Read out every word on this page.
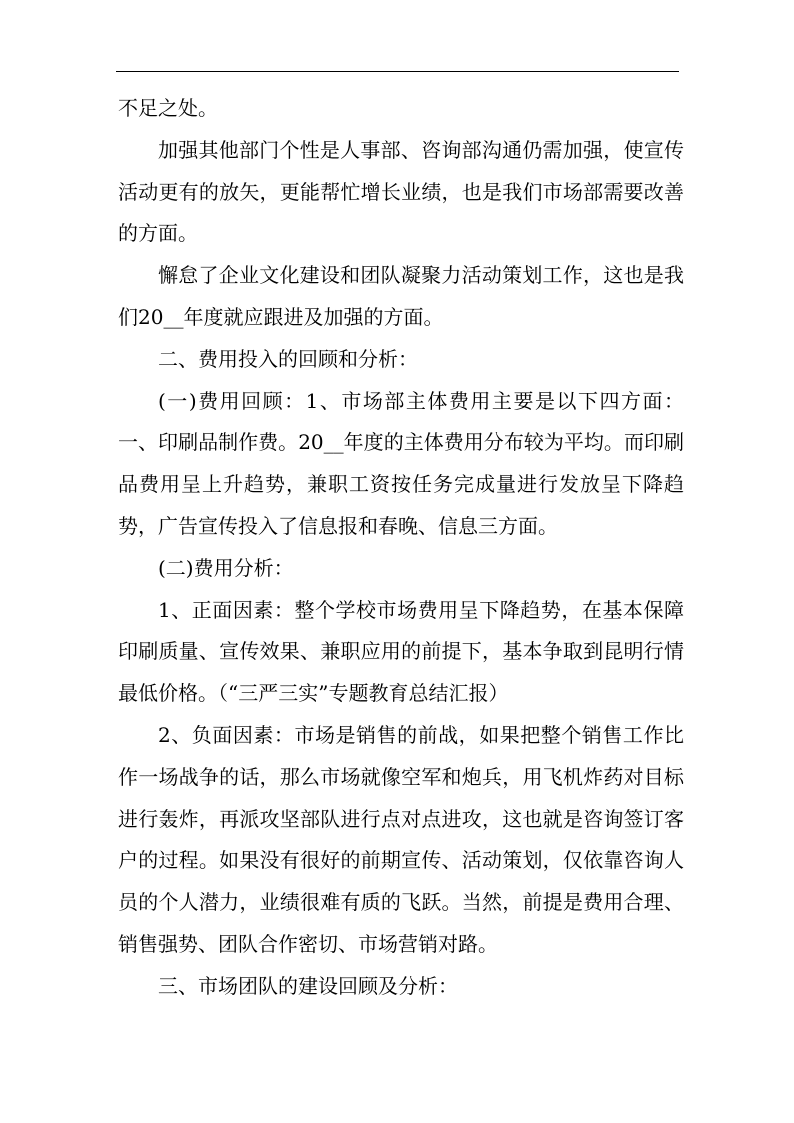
不足之处。

加强其他部门个性是人事部、咨询部沟通仍需加强，使宣传活动更有的放矢，更能帮忙增长业绩，也是我们市场部需要改善的方面。

懈怠了企业文化建设和团队凝聚力活动策划工作，这也是我们20__年度就应跟进及加强的方面。

二、费用投入的回顾和分析：

(一)费用回顾：1、市场部主体费用主要是以下四方面：一、印刷品制作费。20__年度的主体费用分布较为平均。而印刷品费用呈上升趋势，兼职工资按任务完成量进行发放呈下降趋势，广告宣传投入了信息报和春晚、信息三方面。

(二)费用分析：

1、正面因素：整个学校市场费用呈下降趋势，在基本保障印刷质量、宣传效果、兼职应用的前提下，基本争取到昆明行情最低价格。（“三严三实”专题教育总结汇报）

2、负面因素：市场是销售的前战，如果把整个销售工作比作一场战争的话，那么市场就像空军和炮兵，用飞机炸药对目标进行轰炸，再派攻坚部队进行点对点进攻，这也就是咨询签订客户的过程。如果没有很好的前期宣传、活动策划，仅依靠咨询人员的个人潜力，业绩很难有质的飞跃。当然，前提是费用合理、销售强势、团队合作密切、市场营销对路。

三、市场团队的建设回顾及分析：
